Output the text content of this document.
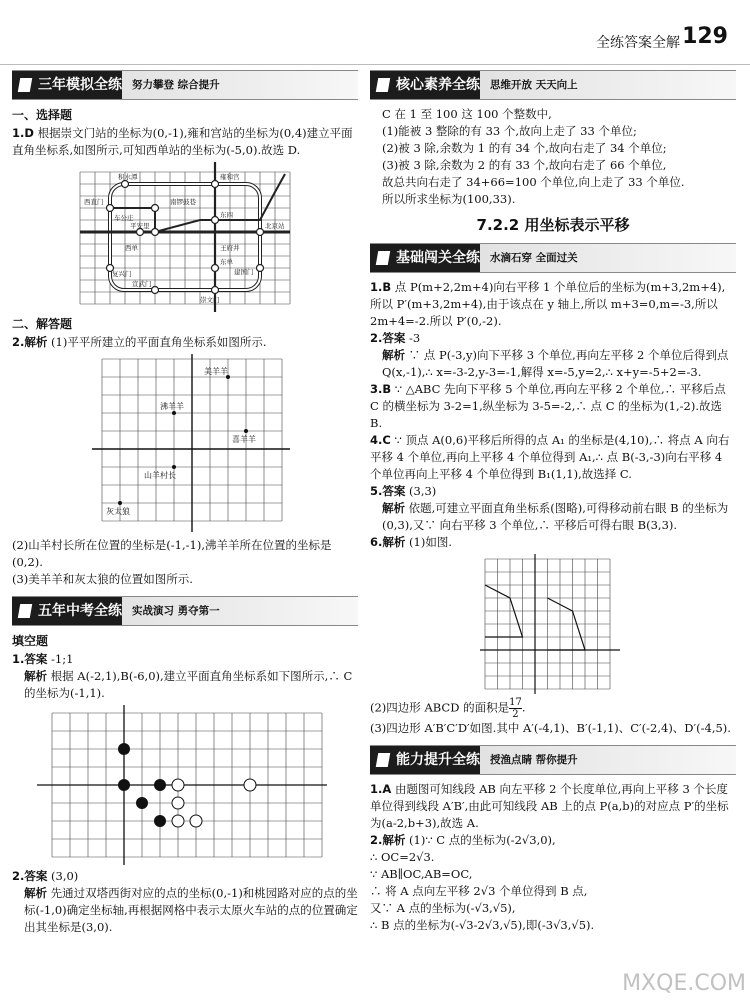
全练答案全解 129
三年模拟全练 努力攀登 综合提升
一、选择题

1.D 根据崇文门站的坐标为(0,-1),雍和宫站的坐标为(0,4)建立平面直角坐标系,如图所示,可知西单站的坐标为(-5,0).故选 D.

积水潭	雍和宫
北京站
西直门	南锣鼓巷
车公庄
平安里
东四
西单	王府井
复兴门
宣武门
东单
建国门
崇文门
二、解答题

2.解析 (1)平平所建立的平面直角坐标系如图所示.

美羊羊
沸羊羊
喜羊羊
山羊村长
灰太狼

(2)山羊村长所在位置的坐标是(-1,-1),沸羊羊所在位置的坐标是(0,2).

(3)美羊羊和灰太狼的位置如图所示.

五年中考全练 实战演习 勇夺第一
填空题

1.答案 -1;1

解析 根据 A(-2,1),B(-6,0),建立平面直角坐标系如下图所示,∴ C 的坐标为(-1,1).

2.答案 (3,0)

解析 先通过双塔西街对应的点的坐标(0,-1)和桃园路对应的点的坐标(-1,0)确定坐标轴,再根据网格中表示太原火车站的点的位置确定出其坐标是(3,0).

核心素养全练 思维开放 天天向上

C 在 1 至 100 这 100 个整数中,

(1)能被 3 整除的有 33 个,故向上走了 33 个单位;

(2)被 3 除,余数为 1 的有 34 个,故向右走了 34 个单位;

(3)被 3 除,余数为 2 的有 33 个,故向右走了 66 个单位,

故总共向右走了 34+66=100 个单位,向上走了 33 个单位.

所以所求坐标为(100,33).

7.2.2 用坐标表示平移
基础闯关全练 水滴石穿 全面过关

1.B 点 P(m+2,2m+4)向右平移 1 个单位后的坐标为(m+3,2m+4),所以 P′(m+3,2m+4),由于该点在 y 轴上,所以 m+3=0,m=-3,所以 2m+4=-2.所以 P′(0,-2).

2.答案 -3

解析 ∵ 点 P(-3,y)向下平移 3 个单位,再向左平移 2 个单位后得到点 Q(x,-1),∴ x=-3-2,y-3=-1,解得 x=-5,y=2,∴ x+y=-5+2=-3.

3.B ∵ △ABC 先向下平移 5 个单位,再向左平移 2 个单位,∴ 平移后点 C 的横坐标为 3-2=1,纵坐标为 3-5=-2,∴ 点 C 的坐标为(1,-2).故选 B.

4.C ∵ 顶点 A(0,6)平移后所得的点 A₁ 的坐标是(4,10),∴ 将点 A 向右平移 4 个单位,再向上平移 4 个单位得到 A₁,∴ 点 B(-3,-3)向右平移 4 个单位再向上平移 4 个单位得到 B₁(1,1),故选择 C.

5.答案 (3,3)

解析 依题,可建立平面直角坐标系(图略),可得移动前右眼 B 的坐标为(0,3),又∵ 向右平移 3 个单位,∴ 平移后可得右眼 B(3,3).

6.解析 (1)如图.

(2)四边形 ABCD 的面积是 $\frac{17}{2}$ .

(3)四边形 A′B′C′D′如图.其中 A′(-4,1)、B′(-1,1)、C′(-2,4)、D′(-4,5).

能力提升全练 授渔点睛 帮你提升

1.A 由题图可知线段 AB 向左平移 2 个长度单位,再向上平移 3 个长度单位得到线段 A′B′,由此可知线段 AB 上的点 P(a,b)的对应点 P′的坐标为(a-2,b+3),故选 A.

2.解析 (1)∵ C 点的坐标为(-2√3,0),

∴ OC=2√3.

∵ AB∥OC,AB=OC,

∴ 将 A 点向左平移 2√3 个单位得到 B 点,

又∵ A 点的坐标为(-√3,√5),

∴ B 点的坐标为(-√3-2√3,√5),即(-3√3,√5).

MXQE.COM
